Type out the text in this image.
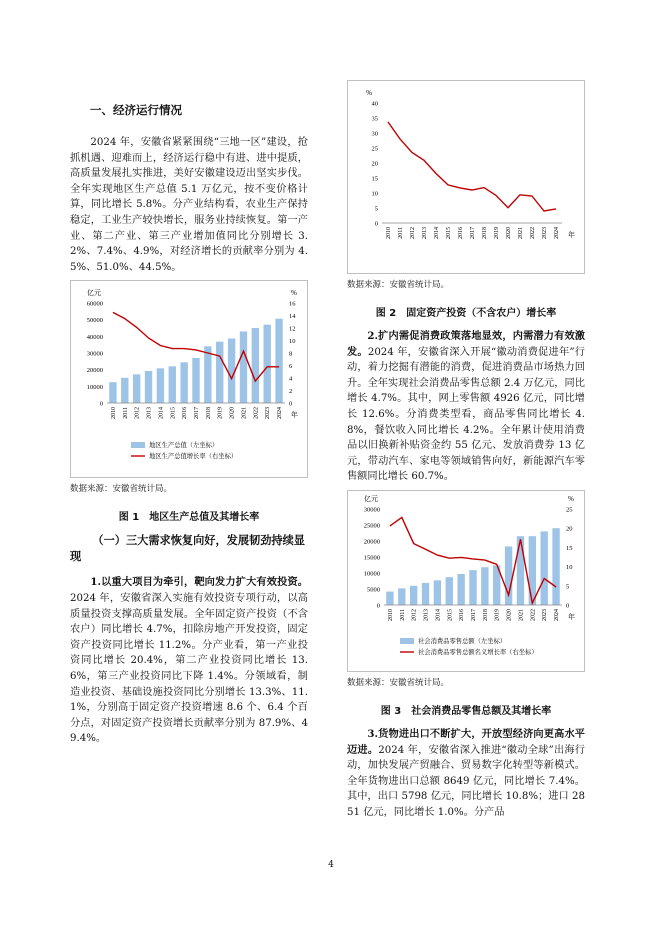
一、经济运行情况

2024 年，安徽省紧紧围绕“三地一区”建设，抢抓机遇、迎难而上，经济运行稳中有进、进中提质，高质量发展扎实推进，美好安徽建设迈出坚实步伐。全年实现地区生产总值 5.1 万亿元，按不变价格计算，同比增长 5.8%。分产业结构看，农业生产保持稳定，工业生产较快增长，服务业持续恢复。第一产业、第二产业、第三产业增加值同比分别增长 3.2%、7.4%、4.9%，对经济增长的贡献率分别为 4.5%、51.0%、44.5%。

亿元	%
0
10000
20000
30000
40000
50000
60000
0
2
4
6
8
10
12
14
16
2010 2011 2012 2013 2014 2015 2016 2017 2018 2019 2020 2021 2022 2023 2024 年
地区生产总值（左坐标）
地区生产总值增长率（右坐标）
数据来源：安徽省统计局。
图 1　地区生产总值及其增长率
（一）三大需求恢复向好，发展韧劲持续显现

1.以重大项目为牵引，靶向发力扩大有效投资。2024 年，安徽省深入实施有效投资专项行动，以高质量投资支撑高质量发展。全年固定资产投资（不含农户）同比增长 4.7%，扣除房地产开发投资，固定资产投资同比增长 11.2%。分产业看，第一产业投资同比增长 20.4%，第二产业投资同比增长 13.6%，第三产业投资同比下降 1.4%。分领域看，制造业投资、基础设施投资同比分别增长 13.3%、11.1%，分别高于固定资产投资增速 8.6 个、6.4 个百分点，对固定资产投资增长贡献率分别为 87.9%、49.4%。

%
0
5
10
15
20
25
30
35
40
2010 2011 2012 2013 2014 2015 2016 2017 2018 2019 2020 2021 2022 2023 2024 年
数据来源：安徽省统计局。
图 2　固定资产投资（不含农户）增长率

2.扩内需促消费政策落地显效，内需潜力有效激发。2024 年，安徽省深入开展“徽动消费促进年”行动，着力挖掘有潜能的消费，促进消费品市场热力回升。全年实现社会消费品零售总额 2.4 万亿元，同比增长 4.7%。其中，网上零售额 4926 亿元，同比增长 12.6%。分消费类型看，商品零售同比增长 4.8%，餐饮收入同比增长 4.2%。全年累计使用消费品以旧换新补贴资金约 55 亿元、发放消费券 13 亿元，带动汽车、家电等领域销售向好，新能源汽车零售额同比增长 60.7%。

亿元	%
0
5000
10000
15000
20000
25000
30000
0
5
10
15
20
25
2010 2011 2012 2013 2014 2015 2016 2017 2018 2019 2020 2021 2022 2023 2024 年
社会消费品零售总额（左坐标）
社会消费品零售总额名义增长率（右坐标）
数据来源：安徽省统计局。
图 3　社会消费品零售总额及其增长率

3.货物进出口不断扩大，开放型经济向更高水平迈进。2024 年，安徽省深入推进“徽动全球”出海行动，加快发展产贸融合、贸易数字化转型等新模式。全年货物进出口总额 8649 亿元，同比增长 7.4%。其中，出口 5798 亿元，同比增长 10.8%；进口 2851 亿元，同比增长 1.0%。分产品

4
